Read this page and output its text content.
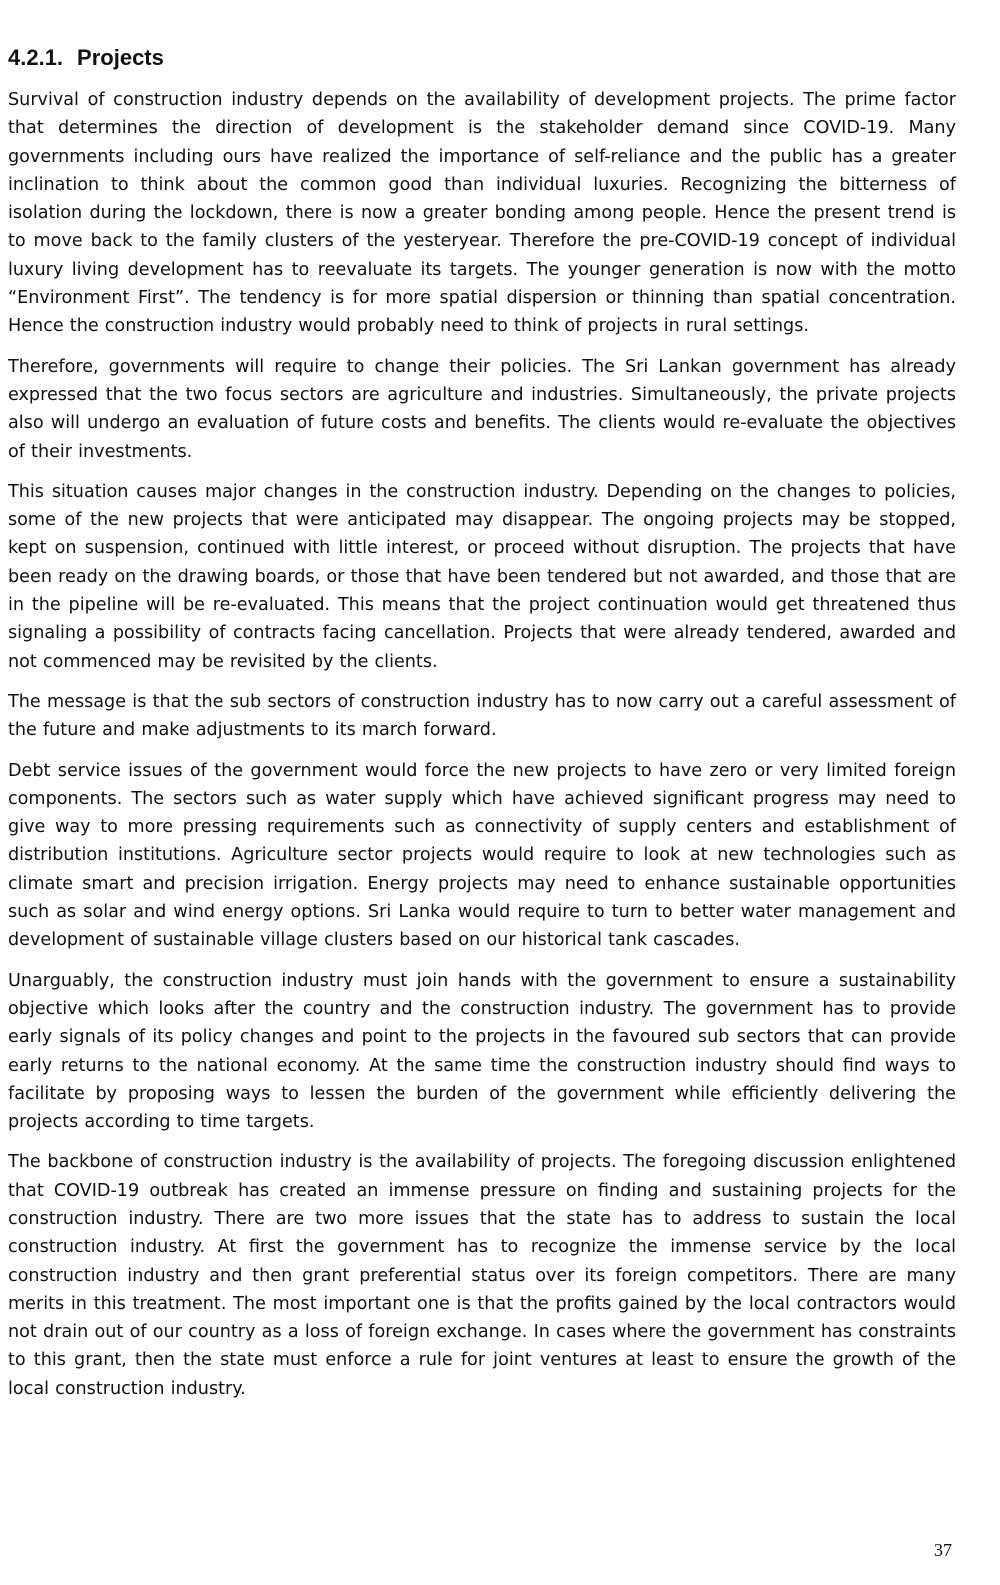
4.2.1. Projects

Survival of construction industry depends on the availability of development projects. The prime factor that determines the direction of development is the stakeholder demand since COVID-19. Many governments including ours have realized the importance of self-reliance and the public has a greater inclination to think about the common good than individual luxuries. Recognizing the bitterness of isolation during the lockdown, there is now a greater bonding among people. Hence the present trend is to move back to the family clusters of the yesteryear. Therefore the pre-COVID-19 concept of individual luxury living development has to reevaluate its targets. The younger generation is now with the motto “Environment First”. The tendency is for more spatial dispersion or thinning than spatial concentration. Hence the construction industry would probably need to think of projects in rural settings.

Therefore, governments will require to change their policies. The Sri Lankan government has already expressed that the two focus sectors are agriculture and industries. Simultaneously, the private projects also will undergo an evaluation of future costs and benefits. The clients would re-evaluate the objectives of their investments.

This situation causes major changes in the construction industry. Depending on the changes to policies, some of the new projects that were anticipated may disappear. The ongoing projects may be stopped, kept on suspension, continued with little interest, or proceed without disruption. The projects that have been ready on the drawing boards, or those that have been tendered but not awarded, and those that are in the pipeline will be re-evaluated. This means that the project continuation would get threatened thus signaling a possibility of contracts facing cancellation. Projects that were already tendered, awarded and not commenced may be revisited by the clients.

The message is that the sub sectors of construction industry has to now carry out a careful assessment of the future and make adjustments to its march forward.

Debt service issues of the government would force the new projects to have zero or very limited foreign components. The sectors such as water supply which have achieved significant progress may need to give way to more pressing requirements such as connectivity of supply centers and establishment of distribution institutions. Agriculture sector projects would require to look at new technologies such as climate smart and precision irrigation. Energy projects may need to enhance sustainable opportunities such as solar and wind energy options. Sri Lanka would require to turn to better water management and development of sustainable village clusters based on our historical tank cascades.

Unarguably, the construction industry must join hands with the government to ensure a sustainability objective which looks after the country and the construction industry. The government has to provide early signals of its policy changes and point to the projects in the favoured sub sectors that can provide early returns to the national economy. At the same time the construction industry should find ways to facilitate by proposing ways to lessen the burden of the government while efficiently delivering the projects according to time targets.

The backbone of construction industry is the availability of projects. The foregoing discussion enlightened that COVID-19 outbreak has created an immense pressure on finding and sustaining projects for the construction industry. There are two more issues that the state has to address to sustain the local construction industry. At first the government has to recognize the immense service by the local construction industry and then grant preferential status over its foreign competitors. There are many merits in this treatment. The most important one is that the profits gained by the local contractors would not drain out of our country as a loss of foreign exchange. In cases where the government has constraints to this grant, then the state must enforce a rule for joint ventures at least to ensure the growth of the local construction industry.

37
